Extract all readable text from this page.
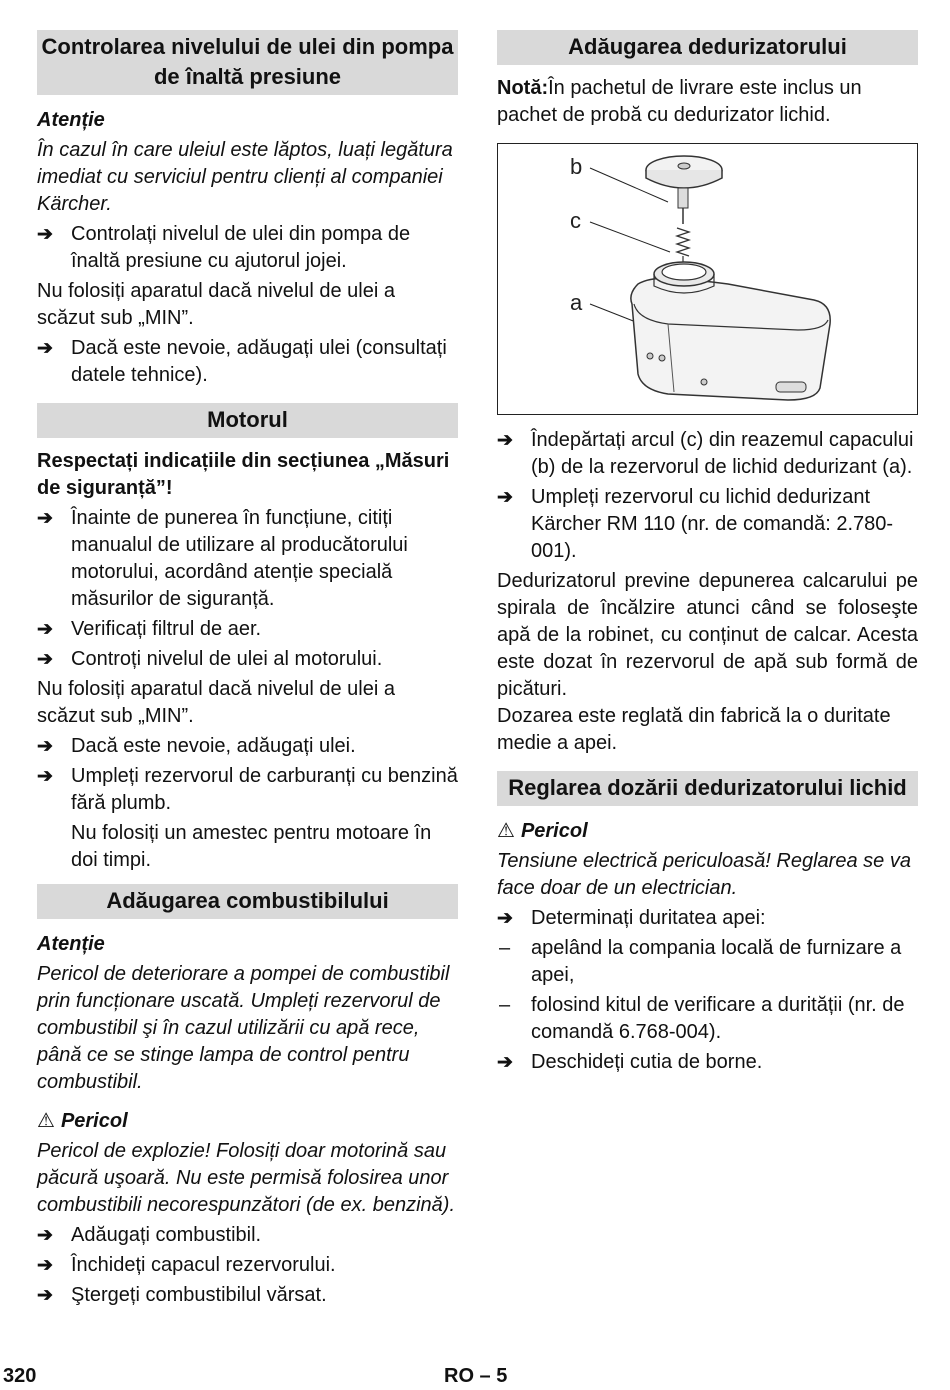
Controlarea nivelului de ulei din pompa de înaltă presiune
Atenție

În cazul în care uleiul este lăptos, luați legătura imediat cu serviciul pentru clienți al companiei Kärcher.

➔ Controlați nivelul de ulei din pompa de înaltă presiune cu ajutorul jojei.

Nu folosiți aparatul dacă nivelul de ulei a scăzut sub „MIN”.

➔ Dacă este nevoie, adăugați ulei (consultați datele tehnice).
Motorul

Respectați indicațiile din secțiunea „Măsuri de siguranță”!

➔ Înainte de punerea în funcțiune, citiți manualul de utilizare al producătorului motorului, acordând atenție specială măsurilor de siguranță.
➔ Verificați filtrul de aer.
➔ Controți nivelul de ulei al motorului.

Nu folosiți aparatul dacă nivelul de ulei a scăzut sub „MIN”.

➔ Dacă este nevoie, adăugați ulei.
➔ Umpleți rezervorul de carburanți cu benzină fără plumb.

Nu folosiți un amestec pentru motoare în doi timpi.

Adăugarea combustibilului
Atenție

Pericol de deteriorare a pompei de combustibil prin funcționare uscată. Umpleți rezervorul de combustibil şi în cazul utilizării cu apă rece, până ce se stinge lampa de control pentru combustibil.

⚠ Pericol

Pericol de explozie! Folosiți doar motorină sau păcură uşoară. Nu este permisă folosirea unor combustibili necorespunzători (de ex. benzină).

➔ Adăugați combustibil.
➔ Închideți capacul rezervorului.
➔ Ştergeți combustibilul vărsat.
Adăugarea dedurizatorului

Notă:În pachetul de livrare este inclus un pachet de probă cu dedurizator lichid.

b
c
a
➔ Îndepărtați arcul (c) din reazemul capacului (b) de la rezervorul de lichid dedurizant (a).
➔ Umpleți rezervorul cu lichid dedurizant Kärcher RM 110 (nr. de comandă: 2.780-001).

Dedurizatorul previne depunerea calcarului pe spirala de încălzire atunci când se foloseşte apă de la robinet, cu conținut de calcar. Acesta este dozat în rezervorul de apă sub formă de picături.

Dozarea este reglată din fabrică la o duritate medie a apei.

Reglarea dozării dedurizatorului lichid
⚠ Pericol

Tensiune electrică periculoasă! Reglarea se va face doar de un electrician.

➔ Determinați duritatea apei:
– apelând la compania locală de furnizare a apei,
– folosind kitul de verificare a durității (nr. de comandă 6.768-004).
➔ Deschideți cutia de borne.
320	RO – 5
